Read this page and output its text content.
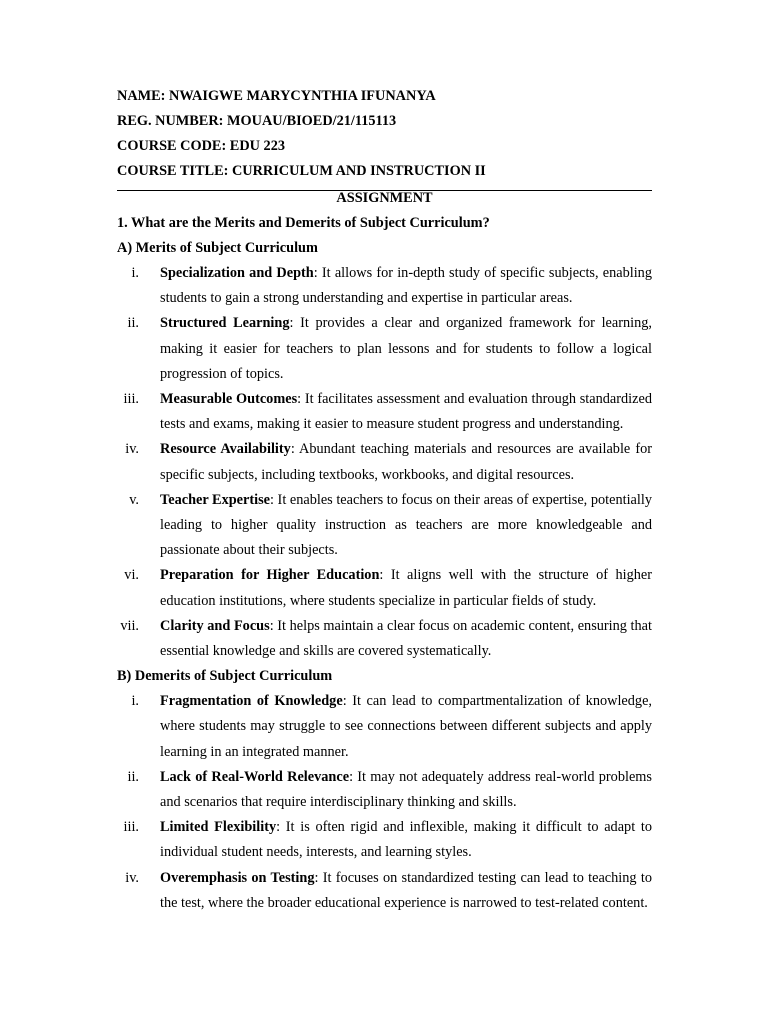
NAME: NWAIGWE MARYCYNTHIA IFUNANYA
REG. NUMBER: MOUAU/BIOED/21/115113
COURSE CODE: EDU 223
COURSE TITLE: CURRICULUM AND INSTRUCTION II
ASSIGNMENT
1. What are the Merits and Demerits of Subject Curriculum?
A) Merits of Subject Curriculum

i. Specialization and Depth: It allows for in-depth study of specific subjects, enabling students to gain a strong understanding and expertise in particular areas.

ii. Structured Learning: It provides a clear and organized framework for learning, making it easier for teachers to plan lessons and for students to follow a logical progression of topics.

iii. Measurable Outcomes: It facilitates assessment and evaluation through standardized tests and exams, making it easier to measure student progress and understanding.

iv. Resource Availability: Abundant teaching materials and resources are available for specific subjects, including textbooks, workbooks, and digital resources.

v. Teacher Expertise: It enables teachers to focus on their areas of expertise, potentially leading to higher quality instruction as teachers are more knowledgeable and passionate about their subjects.

vi. Preparation for Higher Education: It aligns well with the structure of higher education institutions, where students specialize in particular fields of study.

vii. Clarity and Focus: It helps maintain a clear focus on academic content, ensuring that essential knowledge and skills are covered systematically.

B) Demerits of Subject Curriculum

i. Fragmentation of Knowledge: It can lead to compartmentalization of knowledge, where students may struggle to see connections between different subjects and apply learning in an integrated manner.

ii. Lack of Real-World Relevance: It may not adequately address real-world problems and scenarios that require interdisciplinary thinking and skills.

iii. Limited Flexibility: It is often rigid and inflexible, making it difficult to adapt to individual student needs, interests, and learning styles.

iv. Overemphasis on Testing: It focuses on standardized testing can lead to teaching to the test, where the broader educational experience is narrowed to test-related content.
